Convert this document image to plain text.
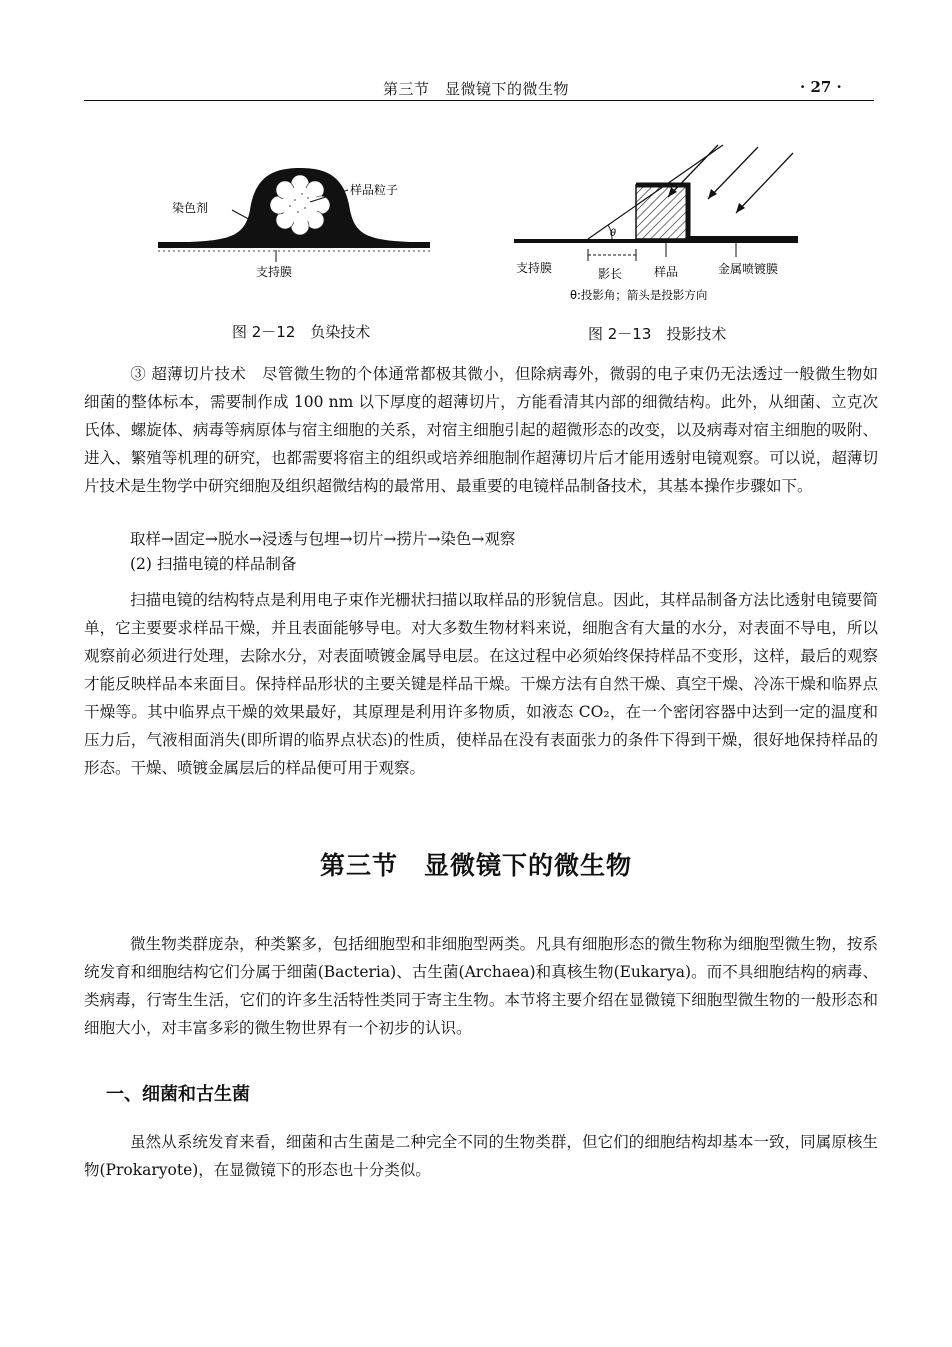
第三节　显微镜下的微生物	· 27 ·
染色剂
样品粒子
支持膜
θ
支持膜	影长	样品	金属喷镀膜
θ:投影角；箭头是投影方向
图 2－12　负染技术	图 2－13　投影技术
③ 超薄切片技术　尽管微生物的个体通常都极其微小，但除病毒外，微弱的电子束仍无法透过一般微生物如细菌的整体标本，需要制作成 100 nm 以下厚度的超薄切片，方能看清其内部的细微结构。此外，从细菌、立克次氏体、螺旋体、病毒等病原体与宿主细胞的关系，对宿主细胞引起的超微形态的改变，以及病毒对宿主细胞的吸附、进入、繁殖等机理的研究，也都需要将宿主的组织或培养细胞制作超薄切片后才能用透射电镜观察。可以说，超薄切片技术是生物学中研究细胞及组织超微结构的最常用、最重要的电镜样品制备技术，其基本操作步骤如下。
取样→固定→脱水→浸透与包埋→切片→捞片→染色→观察
(2) 扫描电镜的样品制备
扫描电镜的结构特点是利用电子束作光栅状扫描以取样品的形貌信息。因此，其样品制备方法比透射电镜要简单，它主要要求样品干燥，并且表面能够导电。对大多数生物材料来说，细胞含有大量的水分，对表面不导电，所以观察前必须进行处理，去除水分，对表面喷镀金属导电层。在这过程中必须始终保持样品不变形，这样，最后的观察才能反映样品本来面目。保持样品形状的主要关键是样品干燥。干燥方法有自然干燥、真空干燥、冷冻干燥和临界点干燥等。其中临界点干燥的效果最好，其原理是利用许多物质，如液态 CO₂，在一个密闭容器中达到一定的温度和压力后，气液相面消失(即所谓的临界点状态)的性质，使样品在没有表面张力的条件下得到干燥，很好地保持样品的形态。干燥、喷镀金属层后的样品便可用于观察。
第三节　显微镜下的微生物
微生物类群庞杂，种类繁多，包括细胞型和非细胞型两类。凡具有细胞形态的微生物称为细胞型微生物，按系统发育和细胞结构它们分属于细菌(Bacteria)、古生菌(Archaea)和真核生物(Eukarya)。而不具细胞结构的病毒、类病毒，行寄生生活，它们的许多生活特性类同于寄主生物。本节将主要介绍在显微镜下细胞型微生物的一般形态和细胞大小，对丰富多彩的微生物世界有一个初步的认识。
一、细菌和古生菌
虽然从系统发育来看，细菌和古生菌是二种完全不同的生物类群，但它们的细胞结构却基本一致，同属原核生物(Prokaryote)，在显微镜下的形态也十分类似。
